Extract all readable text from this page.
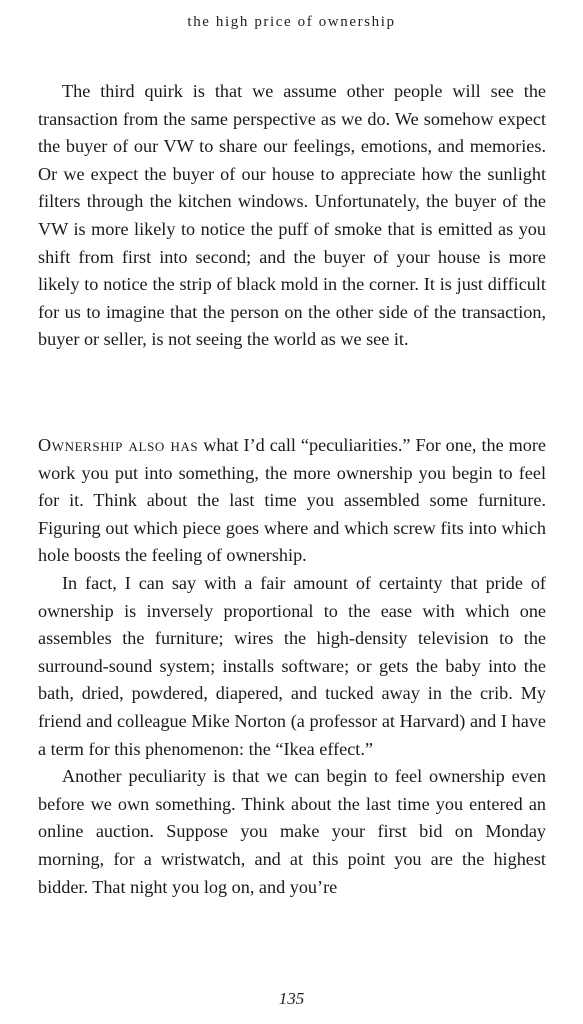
the high price of ownership

The third quirk is that we assume other people will see the transaction from the same perspective as we do. We somehow expect the buyer of our VW to share our feelings, emotions, and memories. Or we expect the buyer of our house to appreciate how the sunlight filters through the kitchen windows. Unfortunately, the buyer of the VW is more likely to notice the puff of smoke that is emitted as you shift from first into second; and the buyer of your house is more likely to notice the strip of black mold in the corner. It is just difficult for us to imagine that the person on the other side of the transaction, buyer or seller, is not seeing the world as we see it.

Ownership also has what I’d call “peculiarities.” For one, the more work you put into something, the more ownership you begin to feel for it. Think about the last time you assembled some furniture. Figuring out which piece goes where and which screw fits into which hole boosts the feeling of ownership.

In fact, I can say with a fair amount of certainty that pride of ownership is inversely proportional to the ease with which one assembles the furniture; wires the high-density television to the surround-sound system; installs software; or gets the baby into the bath, dried, powdered, diapered, and tucked away in the crib. My friend and colleague Mike Norton (a professor at Harvard) and I have a term for this phenomenon: the “Ikea effect.”

Another peculiarity is that we can begin to feel ownership even before we own something. Think about the last time you entered an online auction. Suppose you make your first bid on Monday morning, for a wristwatch, and at this point you are the highest bidder. That night you log on, and you’re

135
